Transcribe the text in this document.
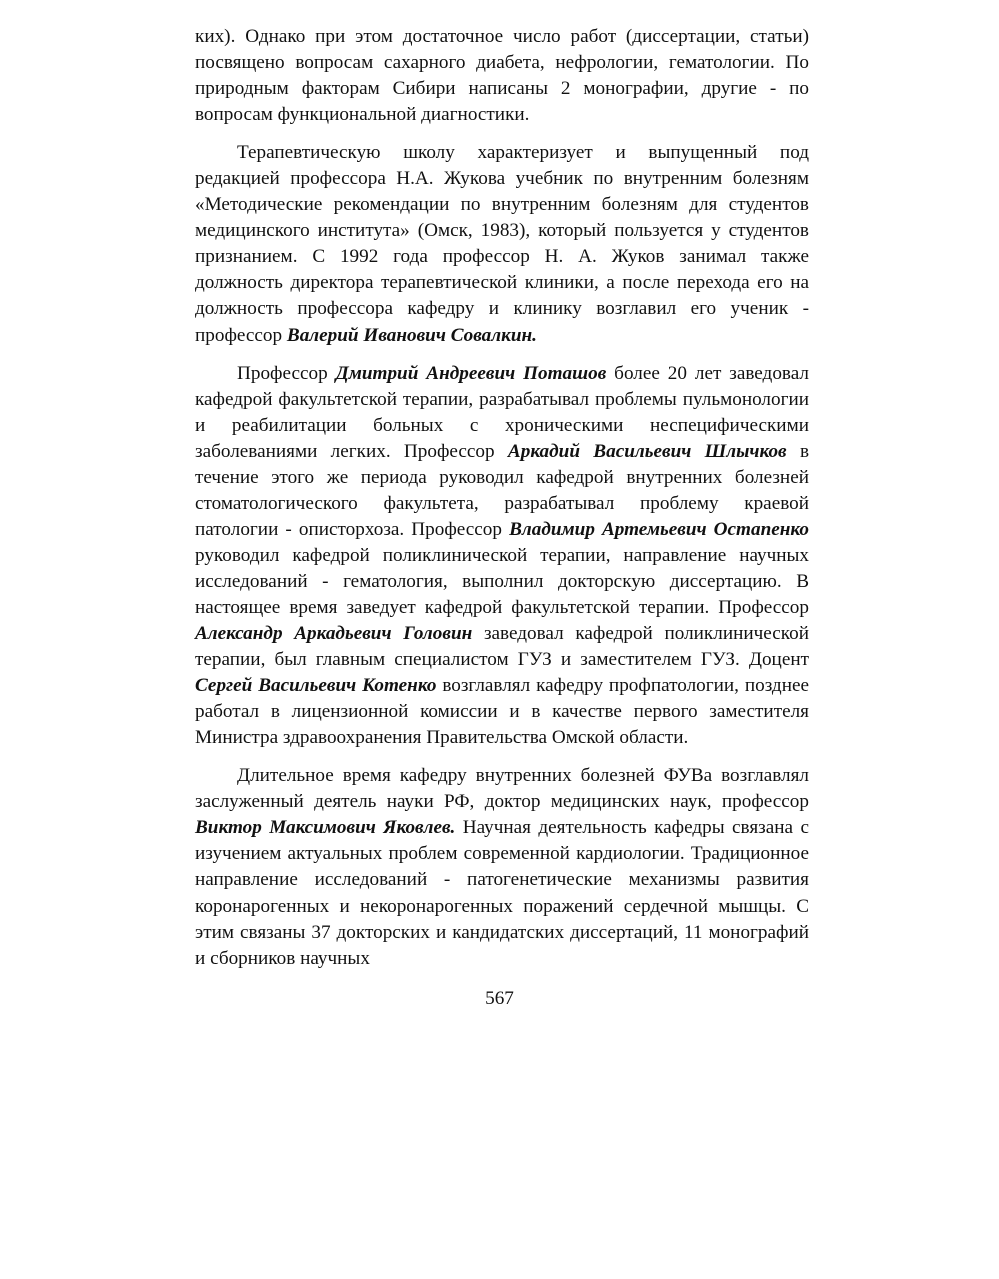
ких). Однако при этом достаточное число работ (диссертации, статьи) посвящено вопросам сахарного диабета, нефрологии, гематологии. По природным факторам Сибири написаны 2 монографии, другие - по вопросам функциональной диагностики.

Терапевтическую школу характеризует и выпущенный под редакцией профессора Н.А. Жукова учебник по внутренним болезням «Методические рекомендации по внутренним болезням для студентов медицинского института» (Омск, 1983), который пользуется у студентов признанием. С 1992 года профессор Н. А. Жуков занимал также должность директора терапевтической клиники, а после перехода его на должность профессора кафедру и клинику возглавил его ученик - профессор Валерий Иванович Совалкин.

Профессор Дмитрий Андреевич Поташов более 20 лет заведовал кафедрой факультетской терапии, разрабатывал проблемы пульмонологии и реабилитации больных с хроническими неспецифическими заболеваниями легких. Профессор Аркадий Васильевич Шлычков в течение этого же периода руководил кафедрой внутренних болезней стоматологического факультета, разрабатывал проблему краевой патологии - описторхоза. Профессор Владимир Артемьевич Остапенко руководил кафедрой поликлинической терапии, направление научных исследований - гематология, выполнил докторскую диссертацию. В настоящее время заведует кафедрой факультетской терапии. Профессор Александр Аркадьевич Головин заведовал кафедрой поликлинической терапии, был главным специалистом ГУЗ и заместителем ГУЗ. Доцент Сергей Васильевич Котенко возглавлял кафедру профпатологии, позднее работал в лицензионной комиссии и в качестве первого заместителя Министра здравоохранения Правительства Омской области.

Длительное время кафедру внутренних болезней ФУВа возглавлял заслуженный деятель науки РФ, доктор медицинских наук, профессор Виктор Максимович Яковлев. Научная деятельность кафедры связана с изучением актуальных проблем современной кардиологии. Традиционное направление исследований - патогенетические механизмы развития коронарогенных и некоронарогенных поражений сердечной мышцы. С этим связаны 37 докторских и кандидатских диссертаций, 11 монографий и сборников научных

567
